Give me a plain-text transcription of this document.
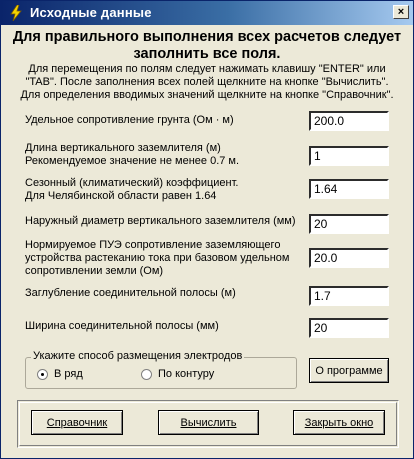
Исходные данные	×
Для правильного выполнения всех расчетов следует
заполнить все поля.
Для перемещения по полям следует нажимать клавишу "ENTER" или
"TAB". После заполнения всех полей щелкните на кнопке "Вычислить".
Для определения вводимых значений щелкните на кнопке "Справочник".
Удельное сопротивление грунта (Ом · м)
200.0
Длина вертикального заземлителя (м)
Рекомендуемое значение не менее 0.7 м.
1
Сезонный (климатический) коэффициент.
Для Челябинской области равен 1.64
1.64
Наружный диаметр вертикального заземлителя (мм)
20
Нормируемое ПУЭ сопротивление заземляющего
устройства растеканию тока при базовом удельном
сопротивлении земли (Ом)
20.0
Заглубление соединительной полосы (м)
1.7
Ширина соединительной полосы (мм)
20
Укажите способ размещения электродов
В ряд	По контуру	О программе
Справочник	Вычислить	Закрыть окно
